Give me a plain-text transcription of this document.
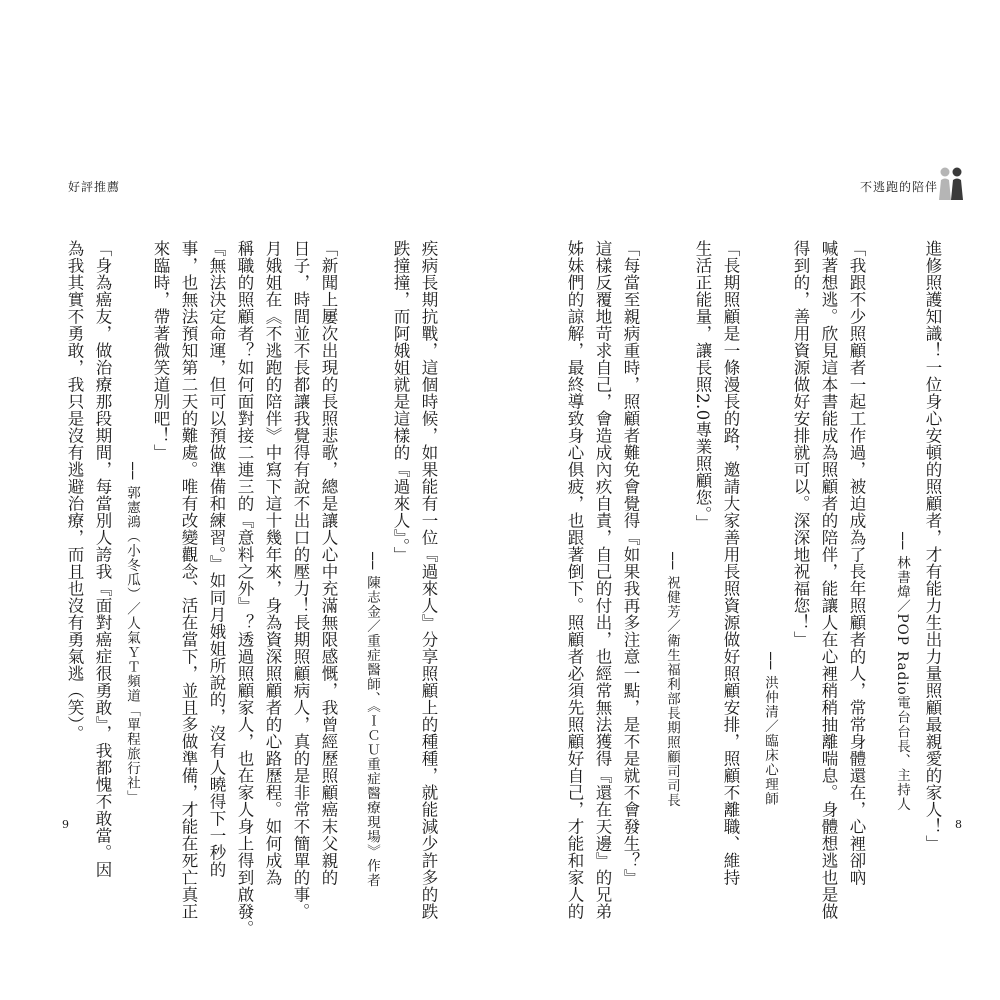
好評推薦	不逃跑的陪伴
9	8
進修照護知識！一位身心安頓的照顧者，才有能力生出力量照顧最親愛的家人！」
「我跟不少照顧者一起工作過，被迫成為了長年照顧者的人，常常身體還在，心裡卻吶
喊著想逃。欣見這本書能成為照顧者的陪伴，能讓人在心裡稍稍抽離喘息。身體想逃也是做
得到的，善用資源做好安排就可以。深深地祝福您！」
「長期照顧是一條漫長的路，邀請大家善用長照資源做好照顧安排，照顧不離職、維持
生活正能量，讓長照2.0專業照顧您。」
「每當至親病重時，照顧者難免會覺得『如果我再多注意一點，是不是就不會發生？』
這樣反覆地苛求自己，會造成內疚自責，自己的付出，也經常無法獲得『還在天邊』的兄弟
姊妹們的諒解，最終導致身心俱疲，也跟著倒下。照顧者必須先照顧好自己，才能和家人的	── 林書煒／POP Radio電台台長、主持人
── 洪仲清／臨床心理師
── 祝健芳／衛生福利部長期照顧司司長
疾病長期抗戰，這個時候，如果能有一位『過來人』分享照顧上的種種，就能減少許多的跌
跌撞撞，而阿娥姐就是這樣的『過來人』。」
「新聞上屢次出現的長照悲歌，總是讓人心中充滿無限感慨，我曾經歷照顧癌末父親的
日子，時間並不長都讓我覺得有說不出口的壓力！長期照顧病人，真的是非常不簡單的事。
月娥姐在《不逃跑的陪伴》中寫下這十幾年來，身為資深照顧者的心路歷程。如何成為
稱職的照顧者？如何面對接二連三的『意料之外』？透過照顧家人，也在家人身上得到啟發。
『無法決定命運，但可以預做準備和練習。』如同月娥姐所說的，沒有人曉得下一秒的
事，也無法預知第二天的難處。唯有改變觀念、活在當下，並且多做準備，才能在死亡真正
來臨時，帶著微笑道別吧！」
「身為癌友，做治療那段期間，每當別人誇我『面對癌症很勇敢』，我都愧不敢當。因
為我其實不勇敢，我只是沒有逃避治療，而且也沒有勇氣逃（笑）。	── 陳志金／重症醫師、《ＩＣＵ重症醫療現場》作者
── 郭憲鴻（小冬瓜）／人氣ＹＴ頻道「單程旅行社」
